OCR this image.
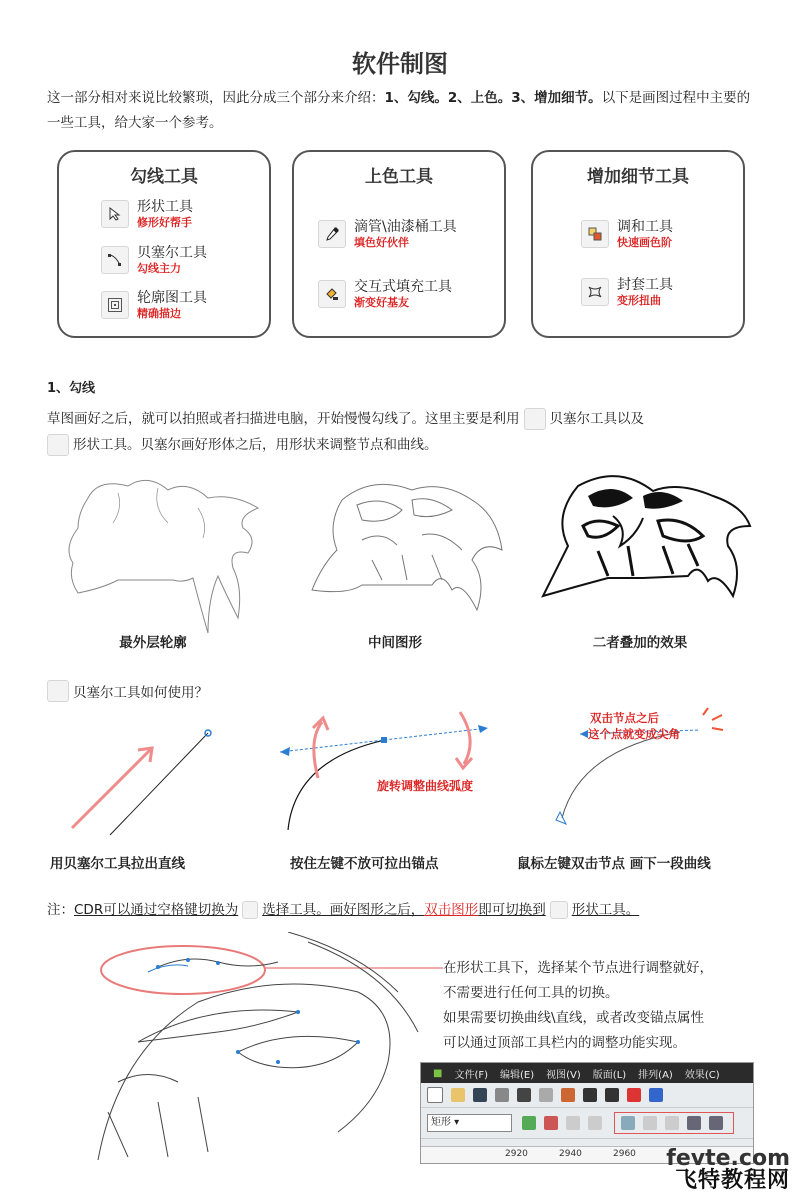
软件制图
这一部分相对来说比较繁琐，因此分成三个部分来介绍：1、勾线。2、上色。3、增加细节。以下是画图过程中主要的一些工具，给大家一个参考。
勾线工具
形状工具
修形好帮手
贝塞尔工具
勾线主力
轮廓图工具
精确描边
上色工具
滴管\油漆桶工具
填色好伙伴
交互式填充工具
渐变好基友
增加细节工具
调和工具
快速画色阶
封套工具
变形扭曲
1、勾线
草图画好之后，就可以拍照或者扫描进电脑，开始慢慢勾线了。这里主要是利用 贝塞尔工具以及
形状工具。贝塞尔画好形体之后，用形状来调整节点和曲线。
最外层轮廓	中间图形	二者叠加的效果
贝塞尔工具如何使用？
旋转调整曲线弧度
双击节点之后
这个点就变成尖角
用贝塞尔工具拉出直线	按住左键不放可拉出锚点	鼠标左键双击节点 画下一段曲线
注：CDR可以通过空格键切换为 选择工具。画好图形之后，双击图形即可切换到 形状工具。
在形状工具下，选择某个节点进行调整就好，
不需要进行任何工具的切换。
如果需要切换曲线\直线，或者改变锚点属性
可以通过顶部工具栏内的调整功能实现。
■ 文件(F) 编辑(E) 视图(V) 版面(L) 排列(A) 效果(C)
矩形 ▾
2920	2940	2960 fevte.com
飞特教程网
